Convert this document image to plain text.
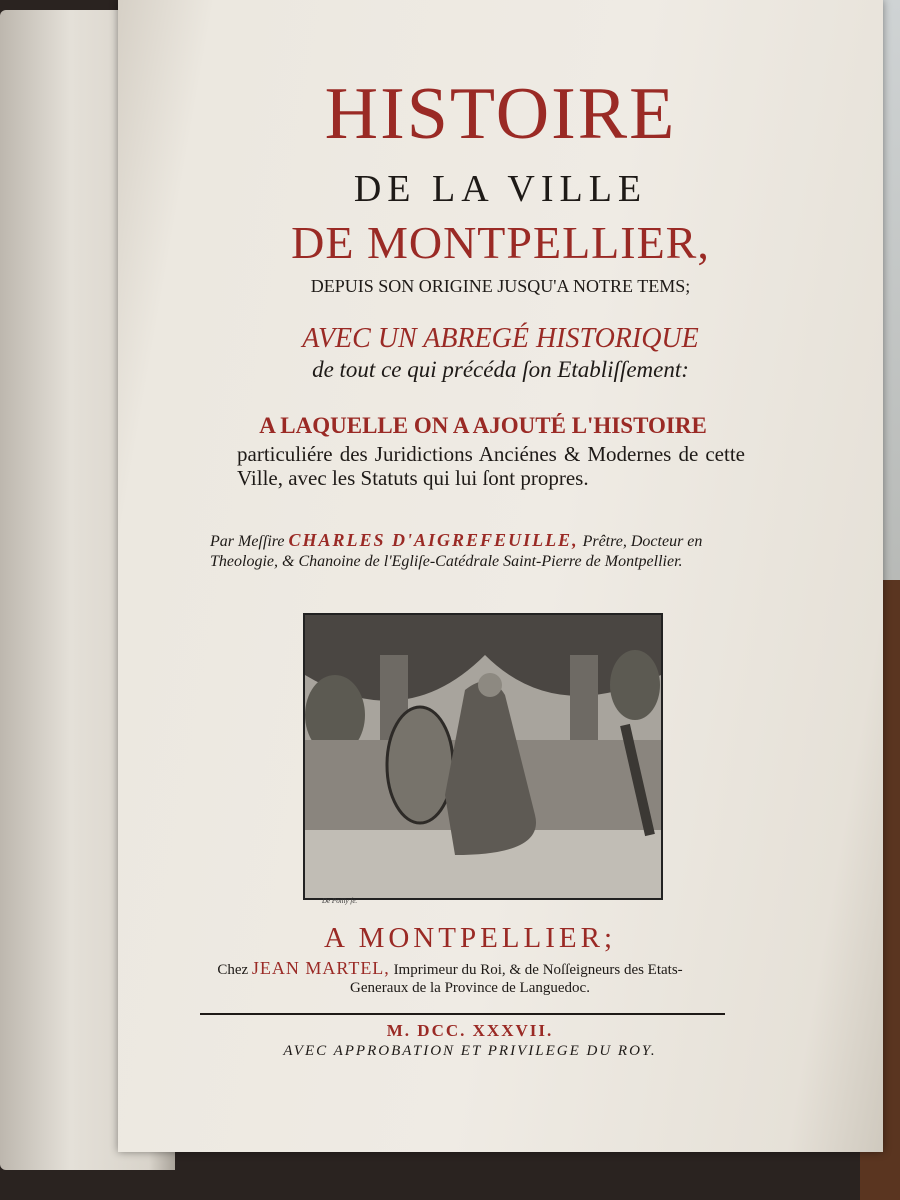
HISTOIRE
DE LA VILLE
DE MONTPELLIER,
DEPUIS SON ORIGINE JUSQU'A NOTRE TEMS;
AVEC UN ABREGÉ HISTORIQUE
de tout ce qui précéda ſon Etabliſſement:
A LAQUELLE ON A AJOUTÉ L'HISTOIRE
particuliére des Juridictions Anciénes & Modernes de cette Ville, avec les Statuts qui lui ſont propres.
Par Meſſire CHARLES D'AIGREFEUILLE, Prêtre, Docteur en Theologie, & Chanoine de l'Egliſe-Catédrale Saint-Pierre de Montpellier.
De Poilly fe.
A MONTPELLIER;
Chez JEAN MARTEL, Imprimeur du Roi, & de Noſſeigneurs des Etats-
Generaux de la Province de Languedoc.
M. DCC. XXXVII.
AVEC APPROBATION ET PRIVILEGE DU ROY.
